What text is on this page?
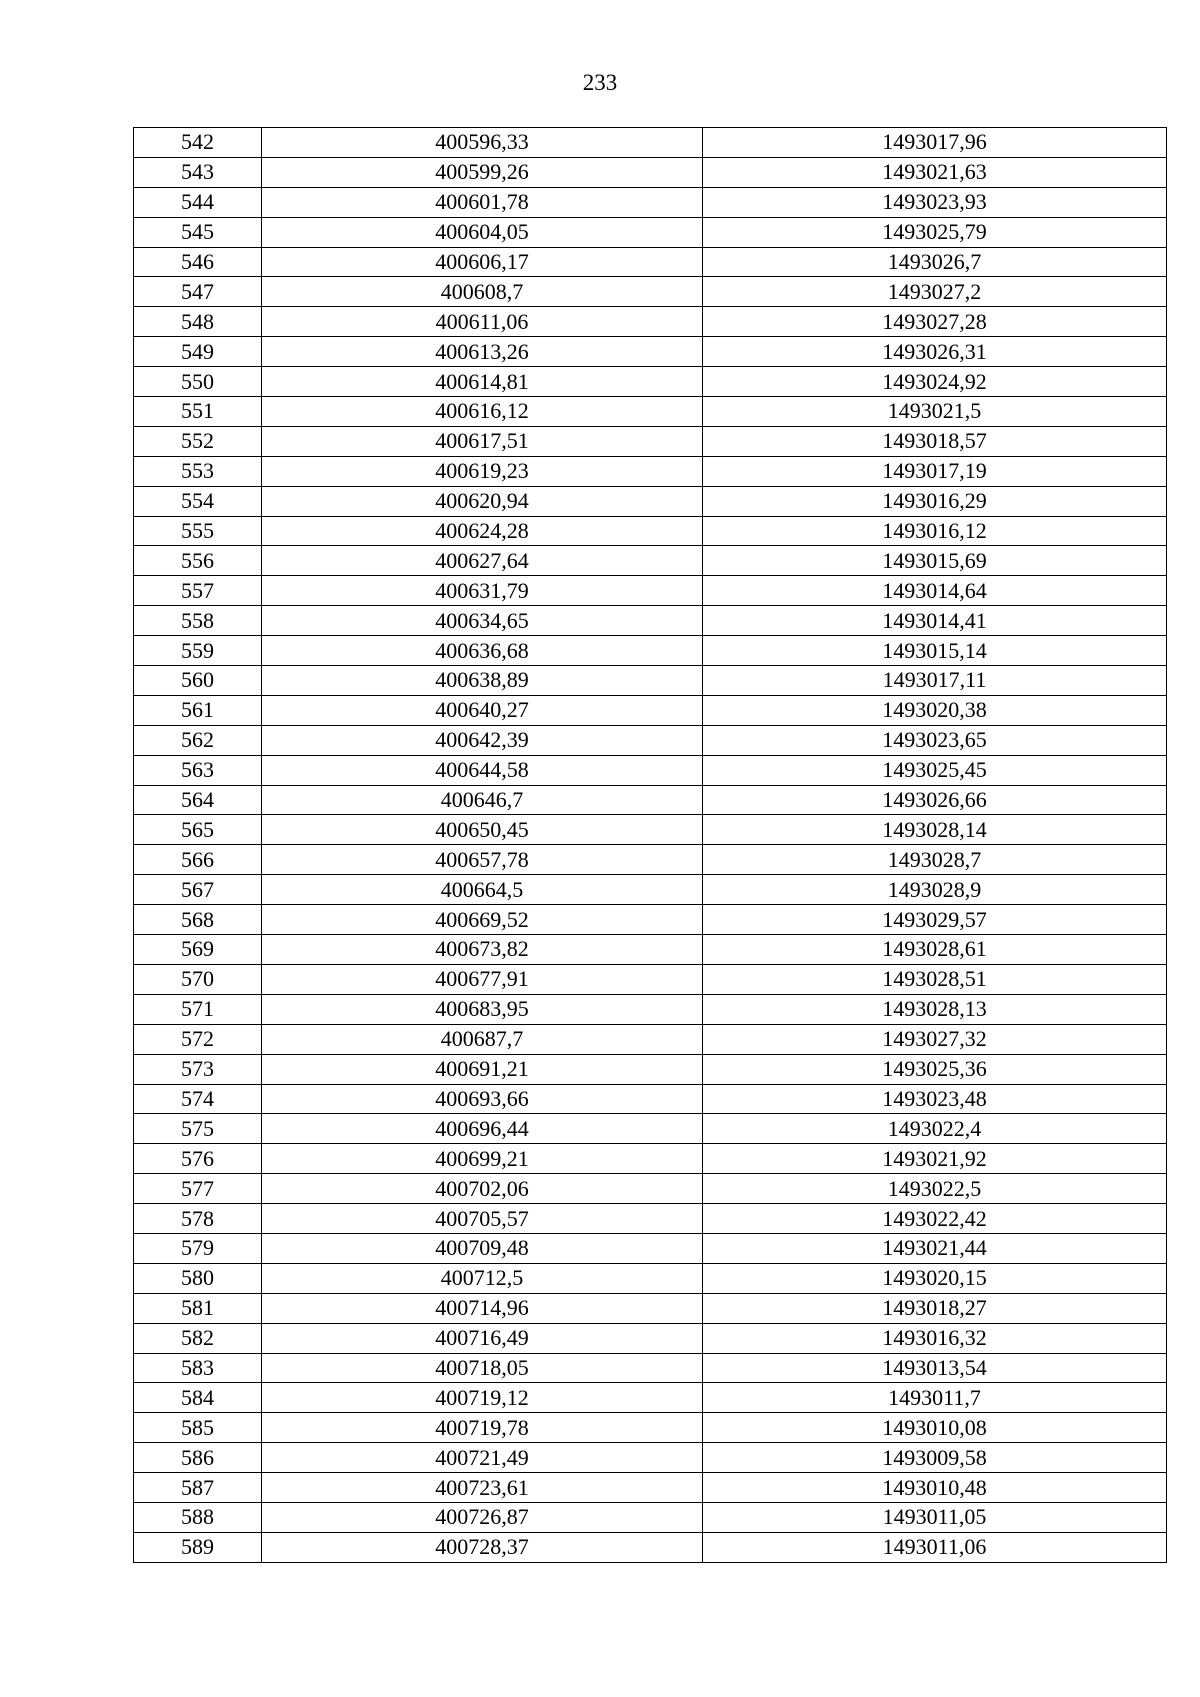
233
542	400596,33	1493017,96
543	400599,26	1493021,63
544	400601,78	1493023,93
545	400604,05	1493025,79
546	400606,17	1493026,7
547	400608,7	1493027,2
548	400611,06	1493027,28
549	400613,26	1493026,31
550	400614,81	1493024,92
551	400616,12	1493021,5
552	400617,51	1493018,57
553	400619,23	1493017,19
554	400620,94	1493016,29
555	400624,28	1493016,12
556	400627,64	1493015,69
557	400631,79	1493014,64
558	400634,65	1493014,41
559	400636,68	1493015,14
560	400638,89	1493017,11
561	400640,27	1493020,38
562	400642,39	1493023,65
563	400644,58	1493025,45
564	400646,7	1493026,66
565	400650,45	1493028,14
566	400657,78	1493028,7
567	400664,5	1493028,9
568	400669,52	1493029,57
569	400673,82	1493028,61
570	400677,91	1493028,51
571	400683,95	1493028,13
572	400687,7	1493027,32
573	400691,21	1493025,36
574	400693,66	1493023,48
575	400696,44	1493022,4
576	400699,21	1493021,92
577	400702,06	1493022,5
578	400705,57	1493022,42
579	400709,48	1493021,44
580	400712,5	1493020,15
581	400714,96	1493018,27
582	400716,49	1493016,32
583	400718,05	1493013,54
584	400719,12	1493011,7
585	400719,78	1493010,08
586	400721,49	1493009,58
587	400723,61	1493010,48
588	400726,87	1493011,05
589	400728,37	1493011,06
